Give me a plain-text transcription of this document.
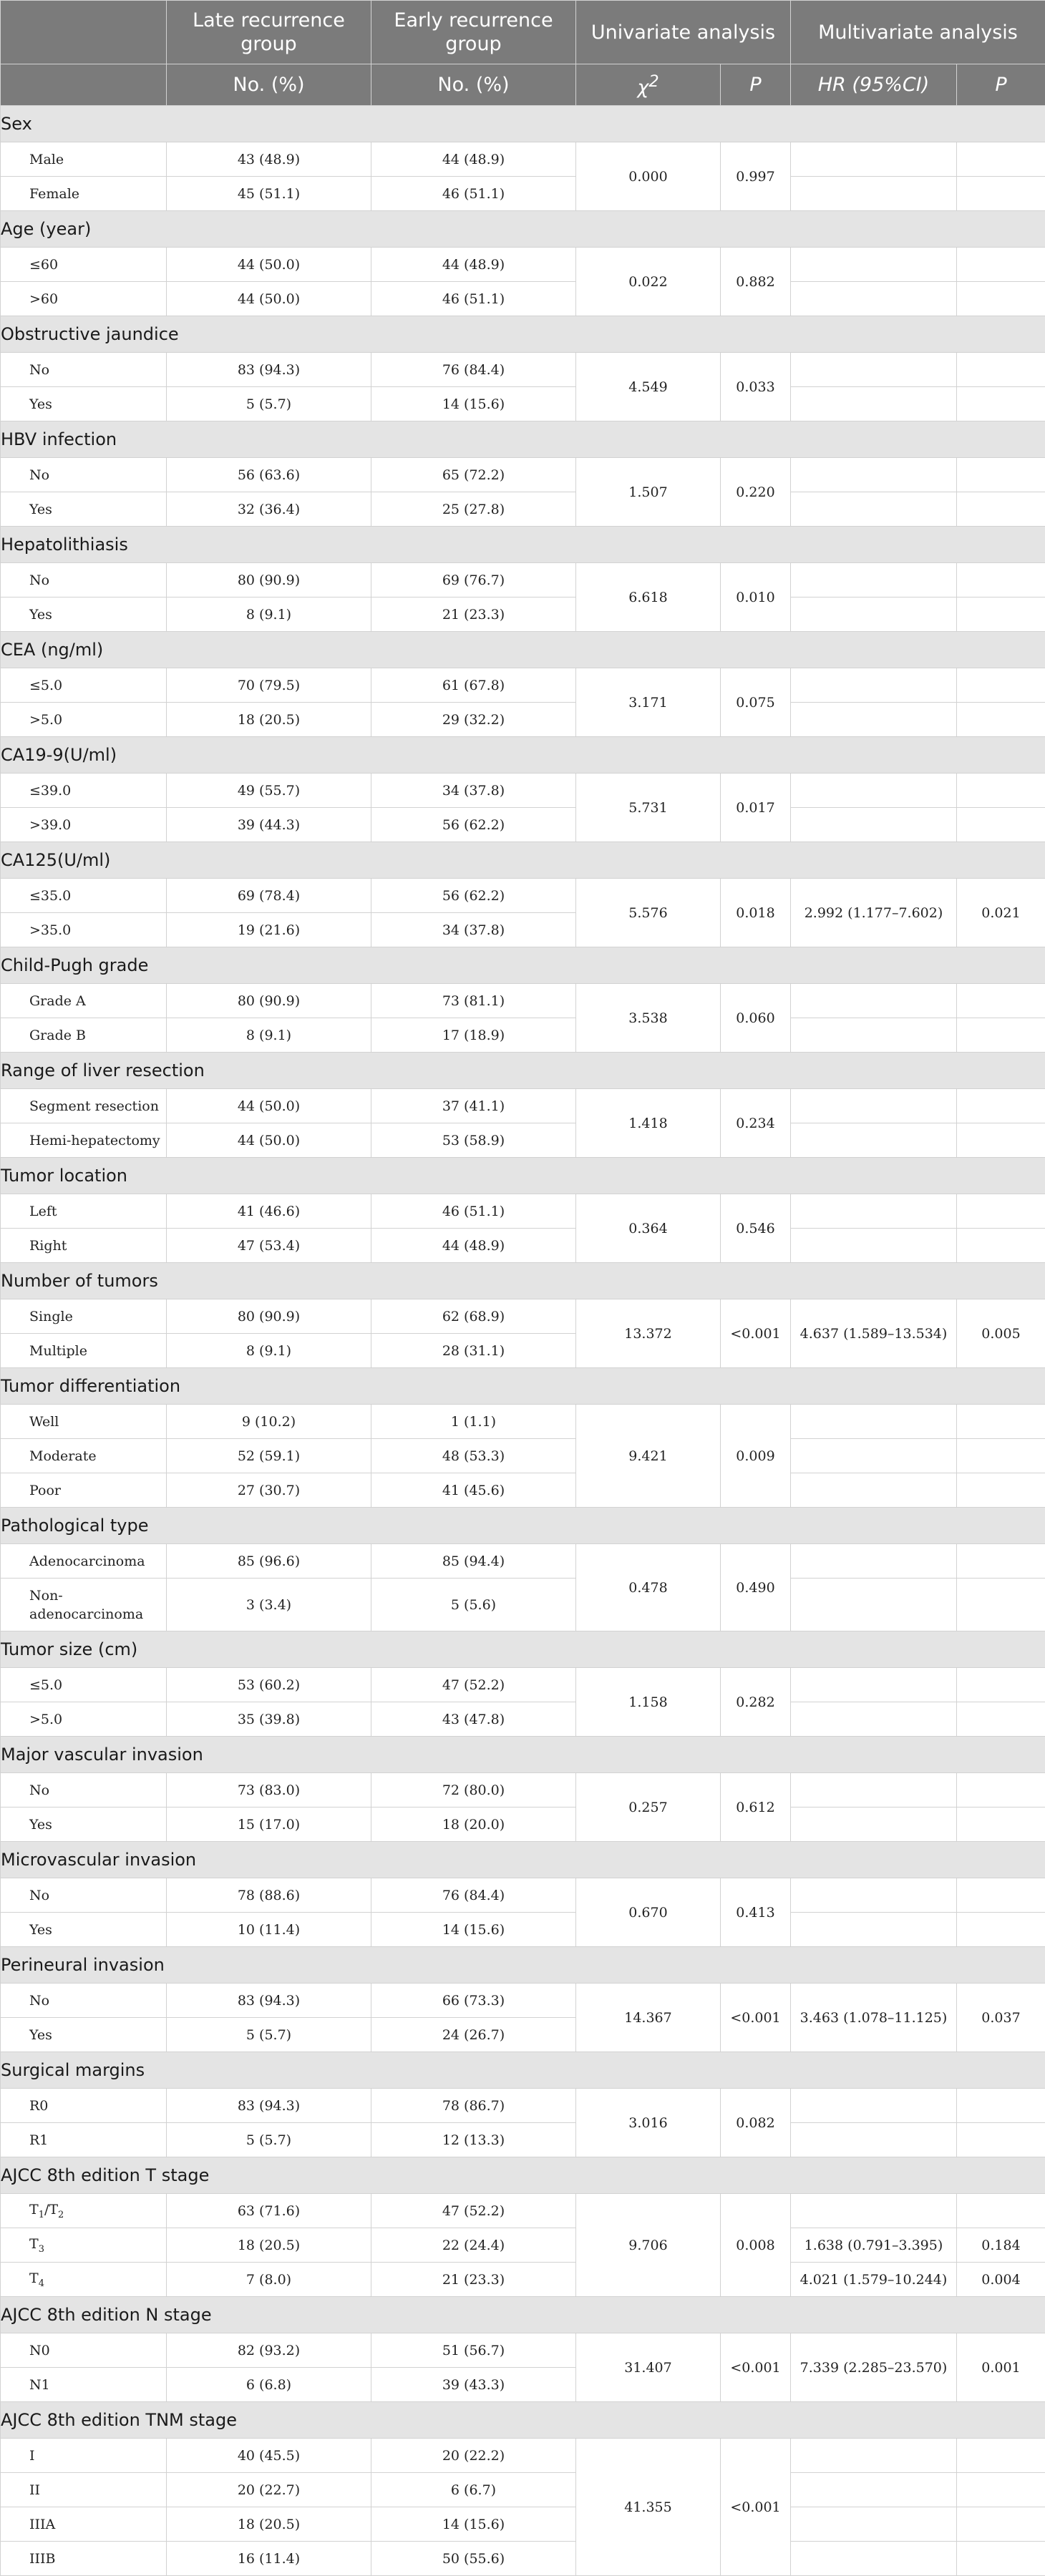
	Late recurrence group	Early recurrence group	Univariate analysis		Multivariate analysis	
	No. (%)	No. (%)	$\chi^2$	P	HR (95%CI)	P
Sex						
Male	43 (48.9)	44 (48.9)	0.000	0.997		
Female	45 (51.1)	46 (51.1)				
Age (year)						
≤60	44 (50.0)	44 (48.9)	0.022	0.882		
>60	44 (50.0)	46 (51.1)				
Obstructive jaundice						
No	83 (94.3)	76 (84.4)	4.549	0.033		
Yes	5 (5.7)	14 (15.6)				
HBV infection						
No	56 (63.6)	65 (72.2)	1.507	0.220		
Yes	32 (36.4)	25 (27.8)				
Hepatolithiasis						
No	80 (90.9)	69 (76.7)	6.618	0.010		
Yes	8 (9.1)	21 (23.3)				
CEA (ng/ml)						
≤5.0	70 (79.5)	61 (67.8)	3.171	0.075		
>5.0	18 (20.5)	29 (32.2)				
CA19-9(U/ml)						
≤39.0	49 (55.7)	34 (37.8)	5.731	0.017		
>39.0	39 (44.3)	56 (62.2)				
CA125(U/ml)						
≤35.0	69 (78.4)	56 (62.2)	5.576	0.018	2.992 (1.177–7.602)	0.021
>35.0	19 (21.6)	34 (37.8)				
Child-Pugh grade						
Grade A	80 (90.9)	73 (81.1)	3.538	0.060		
Grade B	8 (9.1)	17 (18.9)				
Range of liver resection						
Segment resection	44 (50.0)	37 (41.1)	1.418	0.234		
Hemi-hepatectomy	44 (50.0)	53 (58.9)				
Tumor location						
Left	41 (46.6)	46 (51.1)	0.364	0.546		
Right	47 (53.4)	44 (48.9)				
Number of tumors						
Single	80 (90.9)	62 (68.9)	13.372	<0.001	4.637 (1.589–13.534)	0.005
Multiple	8 (9.1)	28 (31.1)				
Tumor differentiation						
Well	9 (10.2)	1 (1.1)	9.421	0.009		
Moderate	52 (59.1)	48 (53.3)				
Poor	27 (30.7)	41 (45.6)				
Pathological type						
Adenocarcinoma	85 (96.6)	85 (94.4)	0.478	0.490		
Non-adenocarcinoma	3 (3.4)	5 (5.6)				
Tumor size (cm)						
≤5.0	53 (60.2)	47 (52.2)	1.158	0.282		
>5.0	35 (39.8)	43 (47.8)				
Major vascular invasion						
No	73 (83.0)	72 (80.0)	0.257	0.612		
Yes	15 (17.0)	18 (20.0)				
Microvascular invasion						
No	78 (88.6)	76 (84.4)	0.670	0.413		
Yes	10 (11.4)	14 (15.6)				
Perineural invasion						
No	83 (94.3)	66 (73.3)	14.367	<0.001	3.463 (1.078–11.125)	0.037
Yes	5 (5.7)	24 (26.7)				
Surgical margins						
R0	83 (94.3)	78 (86.7)	3.016	0.082		
R1	5 (5.7)	12 (13.3)				
AJCC 8th edition T stage						
$T_1/T_2$	63 (71.6)	47 (52.2)	9.706	0.008		
$T_3$	18 (20.5)	22 (24.4)			1.638 (0.791–3.395)	0.184
$T_4$	7 (8.0)	21 (23.3)			4.021 (1.579–10.244)	0.004
AJCC 8th edition N stage						
N0	82 (93.2)	51 (56.7)	31.407	<0.001	7.339 (2.285–23.570)	0.001
N1	6 (6.8)	39 (43.3)				
AJCC 8th edition TNM stage						
I	40 (45.5)	20 (22.2)	41.355	<0.001		
II	20 (22.7)	6 (6.7)				
IIIA	18 (20.5)	14 (15.6)				
IIIB	16 (11.4)	50 (55.6)				
